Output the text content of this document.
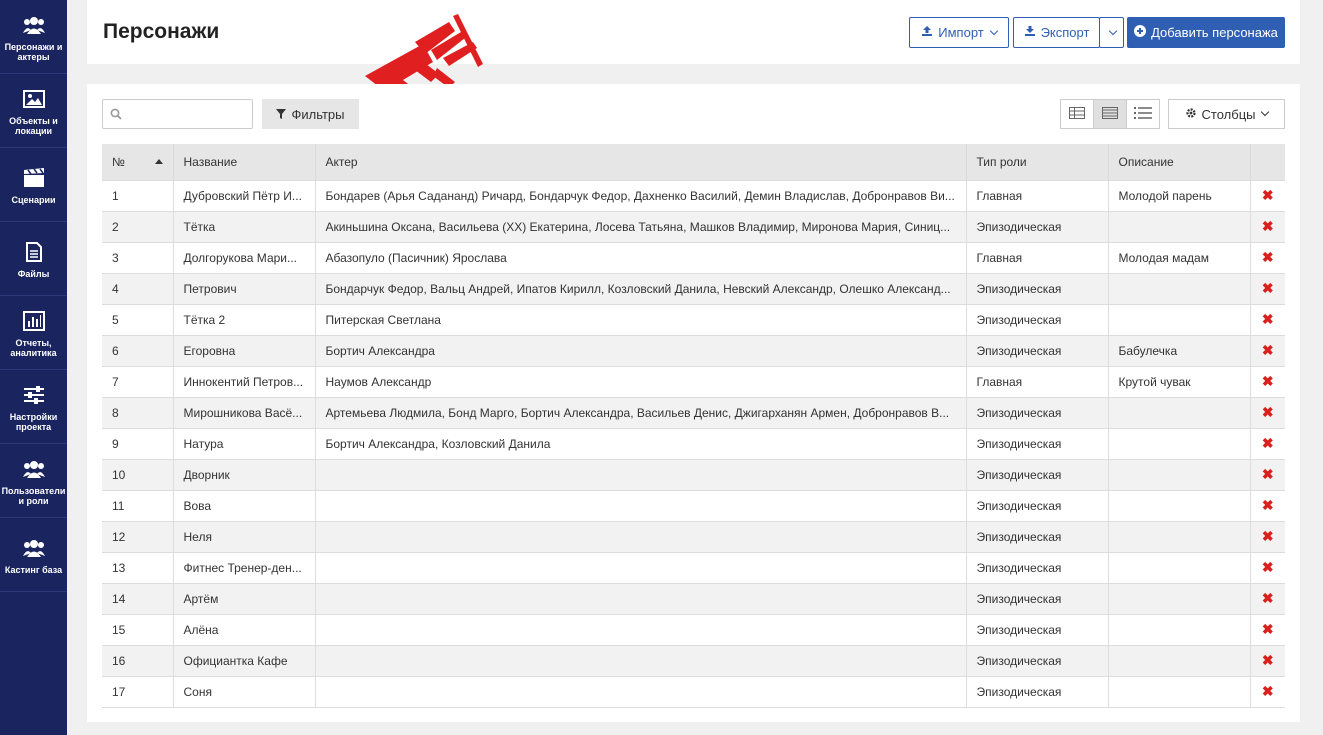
Персонажи и актеры
Объекты и локации
Сценарии
Файлы
Отчеты, аналитика
Настройки проекта
Пользователи и роли
Кастинг база
Персонажи	Импорт	Экспорт	Добавить персонажа
Фильтры	Столбцы
№	Название	Актер	Тип роли	Описание	
1	Дубровский Пётр И...	Бондарев (Арья Садананд) Ричард, Бондарчук Федор, Дахненко Василий, Демин Владислав, Добронравов Ви...	Главная	Молодой парень	✖
2	Тётка	Акиньшина Оксана, Васильева (XX) Екатерина, Лосева Татьяна, Машков Владимир, Миронова Мария, Синиц...	Эпизодическая		✖
3	Долгорукова Мари...	Абазопуло (Пасичник) Ярослава	Главная	Молодая мадам	✖
4	Петрович	Бондарчук Федор, Вальц Андрей, Ипатов Кирилл, Козловский Данила, Невский Александр, Олешко Александ...	Эпизодическая		✖
5	Тётка 2	Питерская Светлана	Эпизодическая		✖
6	Егоровна	Бортич Александра	Эпизодическая	Бабулечка	✖
7	Иннокентий Петров...	Наумов Александр	Главная	Крутой чувак	✖
8	Мирошникова Васё...	Артемьева Людмила, Бонд Марго, Бортич Александра, Васильев Денис, Джигарханян Армен, Добронравов В...	Эпизодическая		✖
9	Натура	Бортич Александра, Козловский Данила	Эпизодическая		✖
10	Дворник		Эпизодическая		✖
11	Вова		Эпизодическая		✖
12	Неля		Эпизодическая		✖
13	Фитнес Тренер-ден...		Эпизодическая		✖
14	Артём		Эпизодическая		✖
15	Алёна		Эпизодическая		✖
16	Официантка Кафе		Эпизодическая		✖
17	Соня		Эпизодическая		✖
